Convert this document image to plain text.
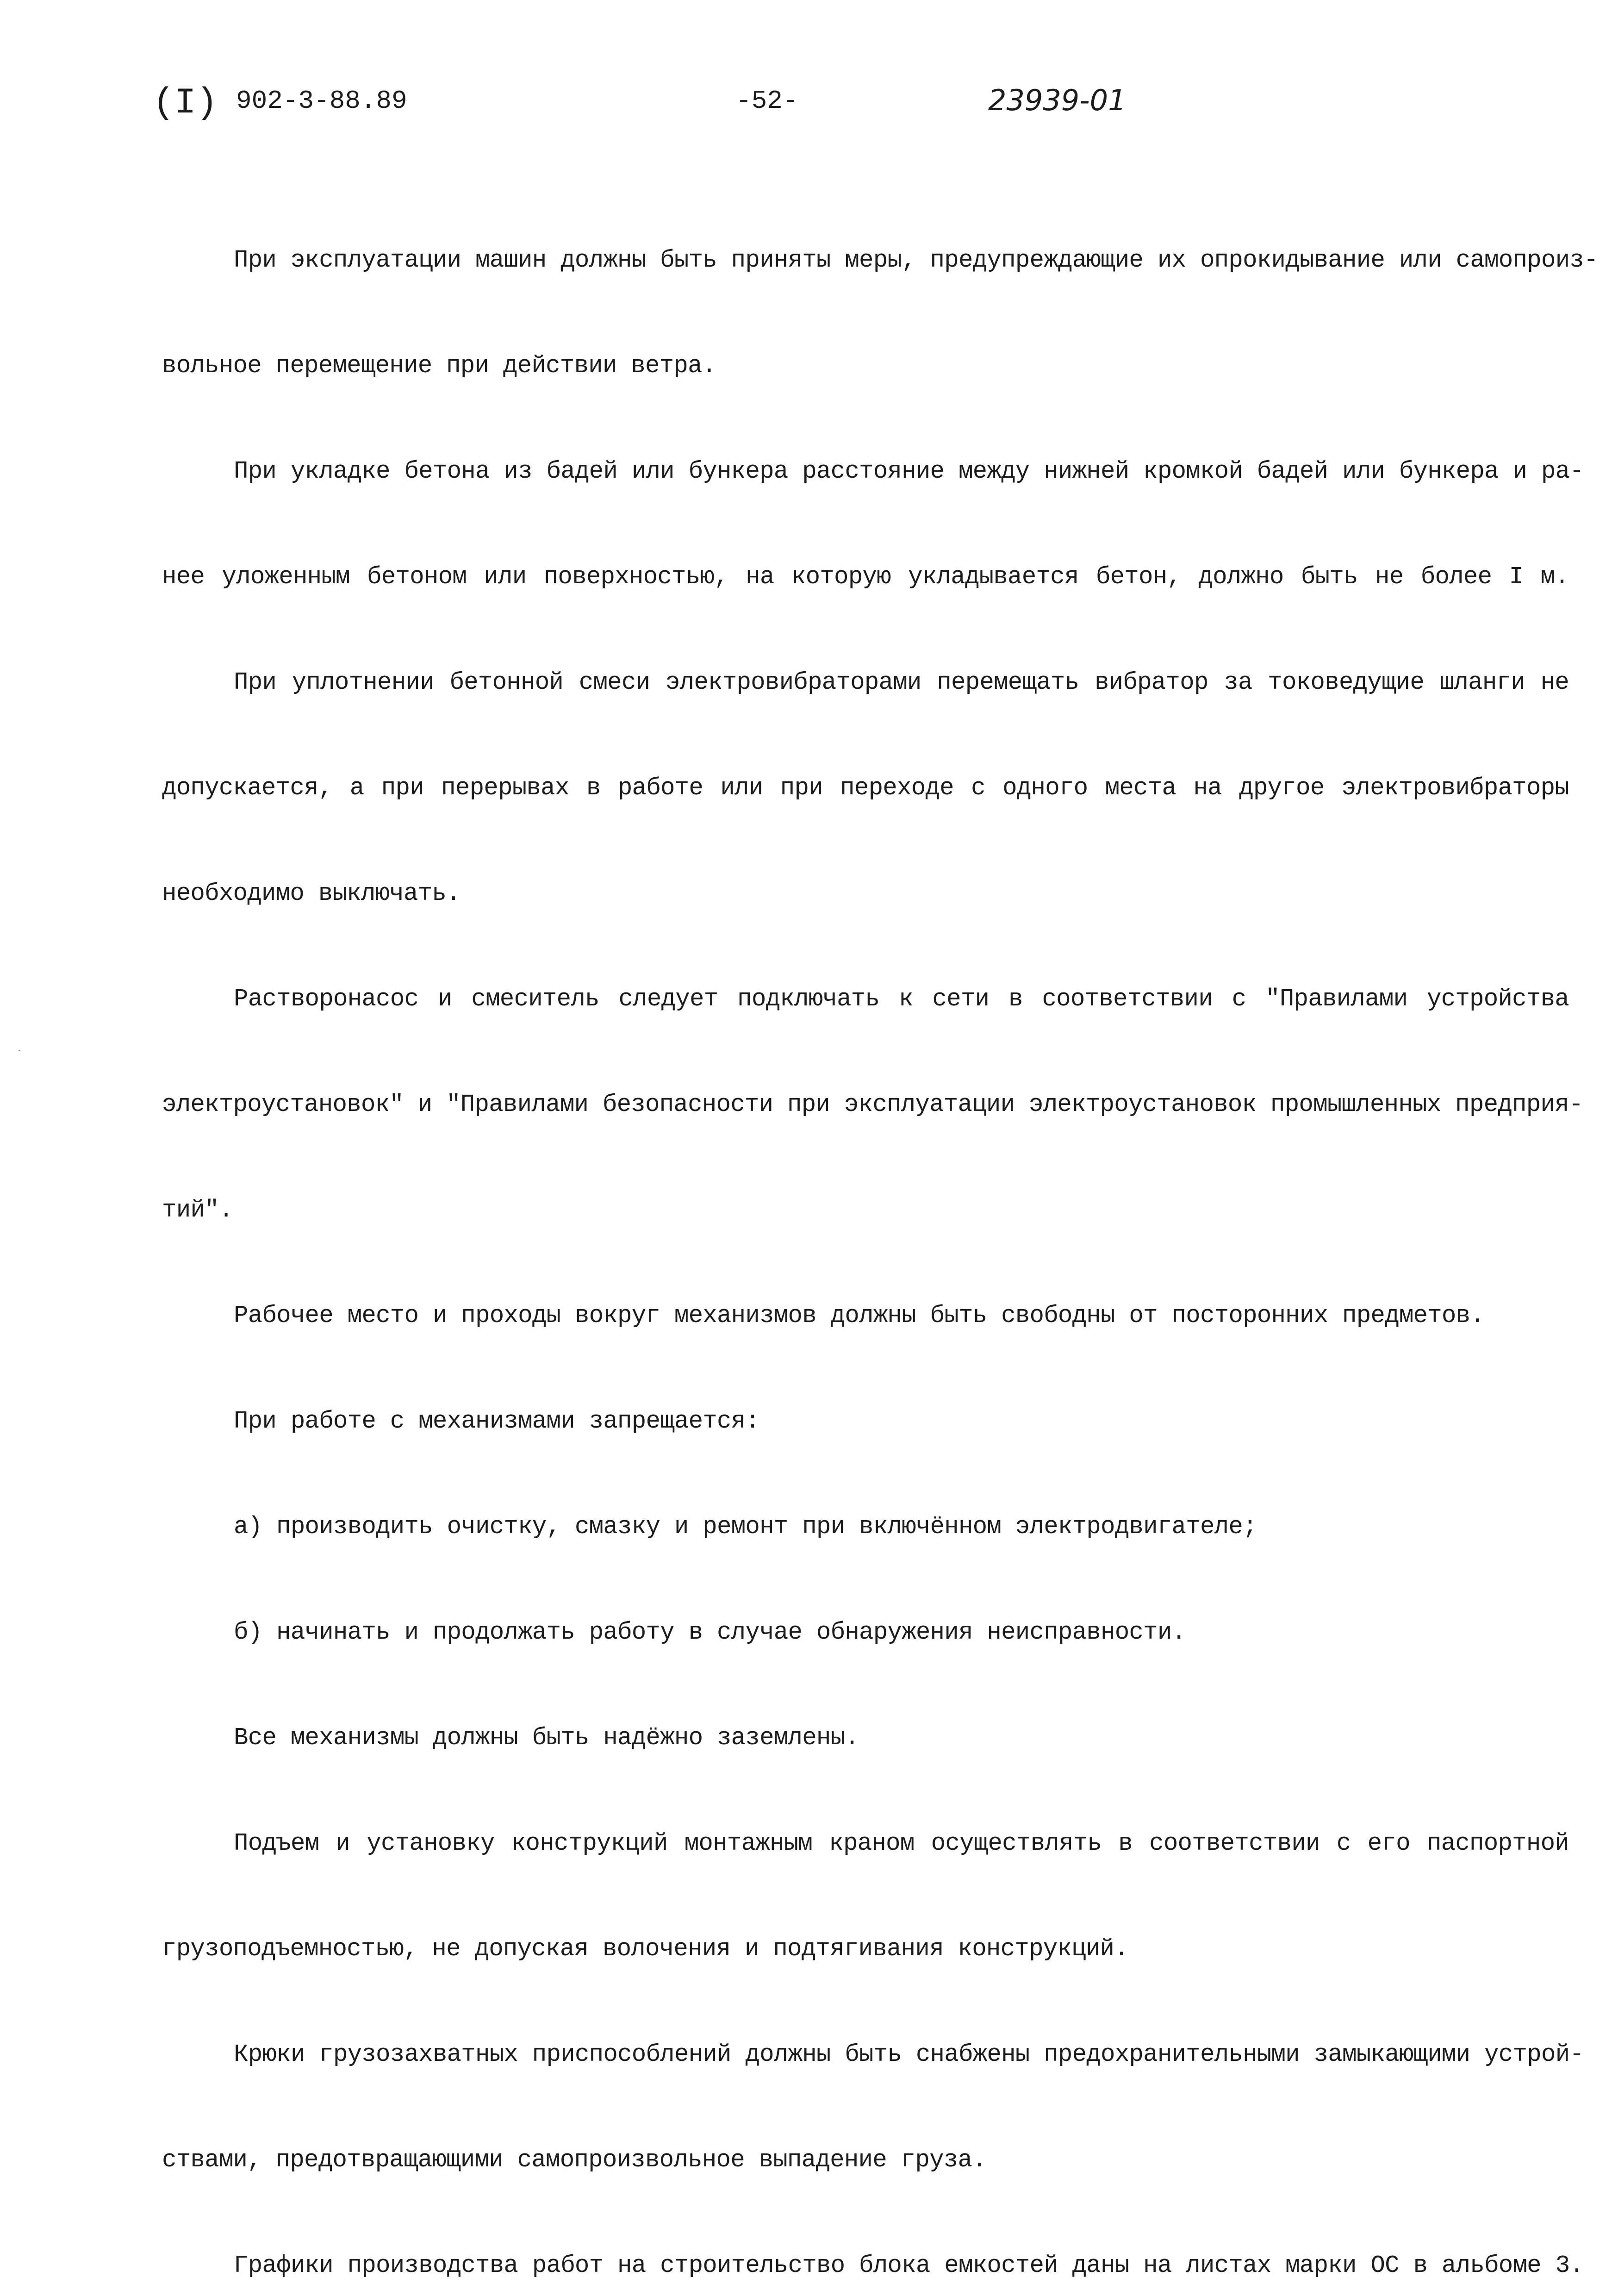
(I) 902-3-88.89	-52-	23939-01

При эксплуатации машин должны быть приняты меры, предупреждающие их опрокидывание или самопроиз-

вольное перемещение при действии ветра.

При укладке бетона из бадей или бункера расстояние между нижней кромкой бадей или бункера и ра-

нее уложенным бетоном или поверхностью, на которую укладывается бетон, должно быть не более I м.

При уплотнении бетонной смеси электровибраторами перемещать вибратор за токоведущие шланги не

допускается, а при перерывах в работе или при переходе с одного места на другое электровибраторы

необходимо выключать.

Растворонасос и смеситель следует подключать к сети в соответствии с "Правилами устройства

электроустановок" и "Правилами безопасности при эксплуатации электроустановок промышленных предприя-

тий".

Рабочее место и проходы вокруг механизмов должны быть свободны от посторонних предметов.

При работе с механизмами запрещается:

а) производить очистку, смазку и ремонт при включённом электродвигателе;

б) начинать и продолжать работу в случае обнаружения неисправности.

Все механизмы должны быть надёжно заземлены.

Подъем и установку конструкций монтажным краном осуществлять в соответствии с его паспортной

грузоподъемностью, не допуская волочения и подтягивания конструкций.

Крюки грузозахватных приспособлений должны быть снабжены предохранительными замыкающими устрой-

ствами, предотвращающими самопроизвольное выпадение груза.

Графики производства работ на строительство блока емкостей даны на листах марки ОС в альбоме 3.
